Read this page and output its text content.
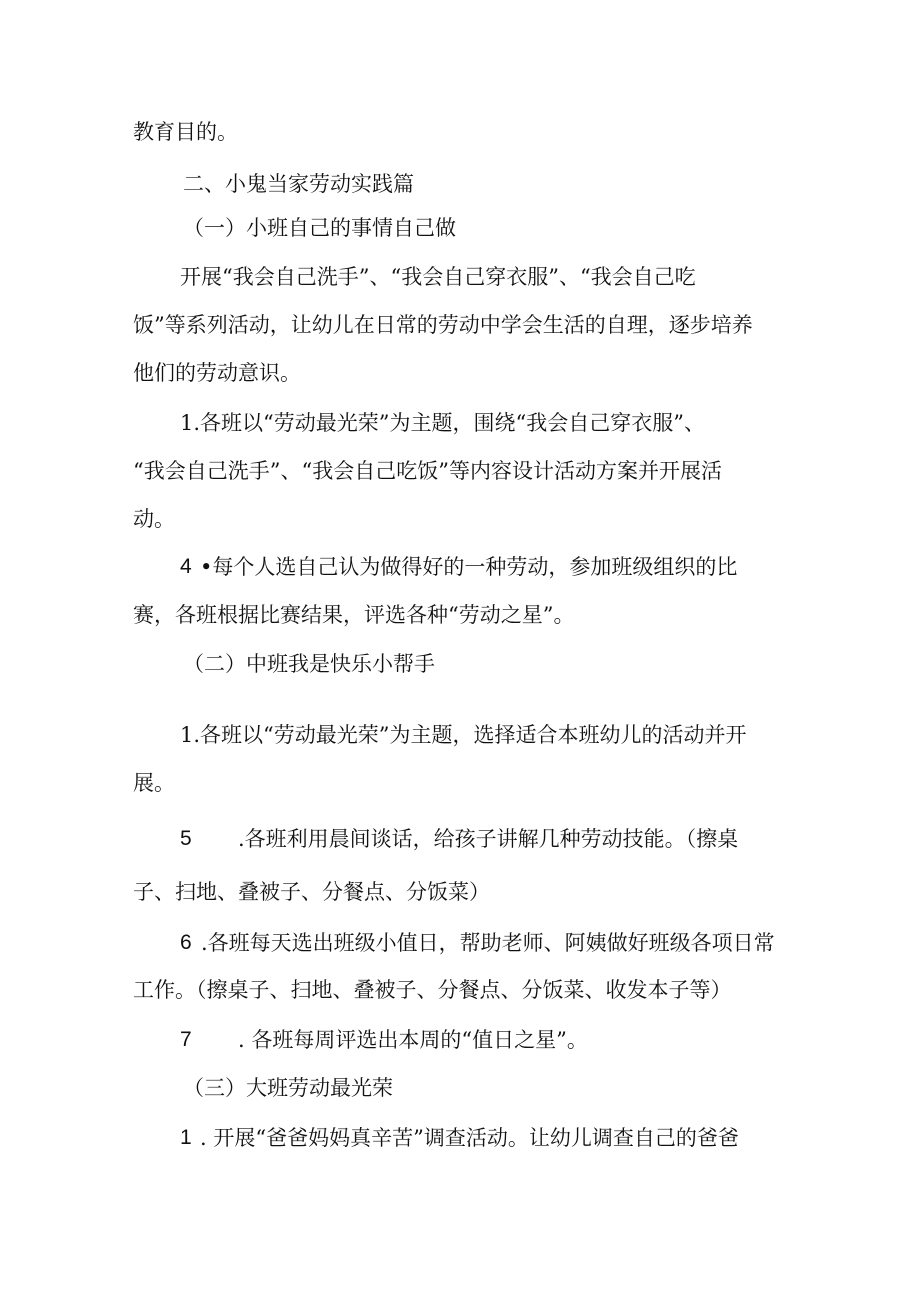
教育目的。
二、小鬼当家劳动实践篇
（一）小班自己的事情自己做
开展“我会自己洗手”、“我会自己穿衣服”、“我会自己吃
饭”等系列活动，让幼儿在日常的劳动中学会生活的自理，逐步培养
他们的劳动意识。
1.各班以“劳动最光荣”为主题，围绕“我会自己穿衣服”、
“我会自己洗手”、“我会自己吃饭”等内容设计活动方案并开展活
动。
4 •每个人选自己认为做得好的一种劳动，参加班级组织的比
赛，各班根据比赛结果，评选各种“劳动之星”。
（二）中班我是快乐小帮手
1.各班以“劳动最光荣”为主题，选择适合本班幼儿的活动并开
展。
5 .各班利用晨间谈话，给孩子讲解几种劳动技能。（擦桌
子、扫地、叠被子、分餐点、分饭菜）
6 .各班每天选出班级小值日，帮助老师、阿姨做好班级各项日常
工作。（擦桌子、扫地、叠被子、分餐点、分饭菜、收发本子等）
7 . 各班每周评选出本周的“值日之星”。
（三）大班劳动最光荣
1 . 开展“爸爸妈妈真辛苦”调查活动。让幼儿调查自己的爸爸
